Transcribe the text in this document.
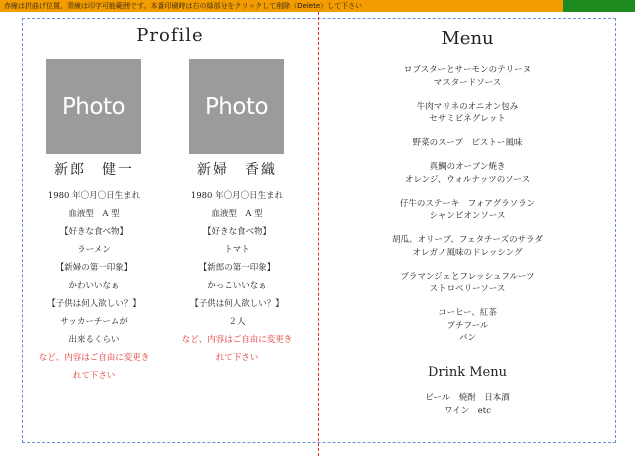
赤線は折曲げ位置、青線は印字可能範囲です。本番印刷時は右の緑部分をクリックして削除（Delete）して下さい
Profile
Photo	Photo
新郎　健一
1980 年〇月〇日生まれ
血液型　A 型
【好きな食べ物】
ラーメン
【新婦の第一印象】
かわいいなぁ
【子供は何人欲しい？】
サッカーチームが
出来るくらい
など、内容はご自由に変更き
れて下さい
新婦　香織
1980 年〇月〇日生まれ
血液型　A 型
【好きな食べ物】
トマト
【新郎の第一印象】
かっこいいなぁ
【子供は何人欲しい？】
２人
など、内容はご自由に変更き
れて下さい
Menu
ロブスターとサーモンのテリーヌ
マスタードソース
牛肉マリネのオニオン包み
セサミビネグレット
野菜のスープ　ピストー風味
真鯛のオーブン焼き
オレンジ、ウォルナッツのソース
仔牛のステーキ　フォアグラソラン
シャンピオンソース
胡瓜、オリーブ、フェタチーズのサラダ
オレガノ風味のドレッシング
ブラマンジェとフレッシュフルーツ
ストロベリーソース
コーヒー、紅茶
プチフール
パン
Drink Menu
ビール　焼酎　日本酒
ワイン　etc
